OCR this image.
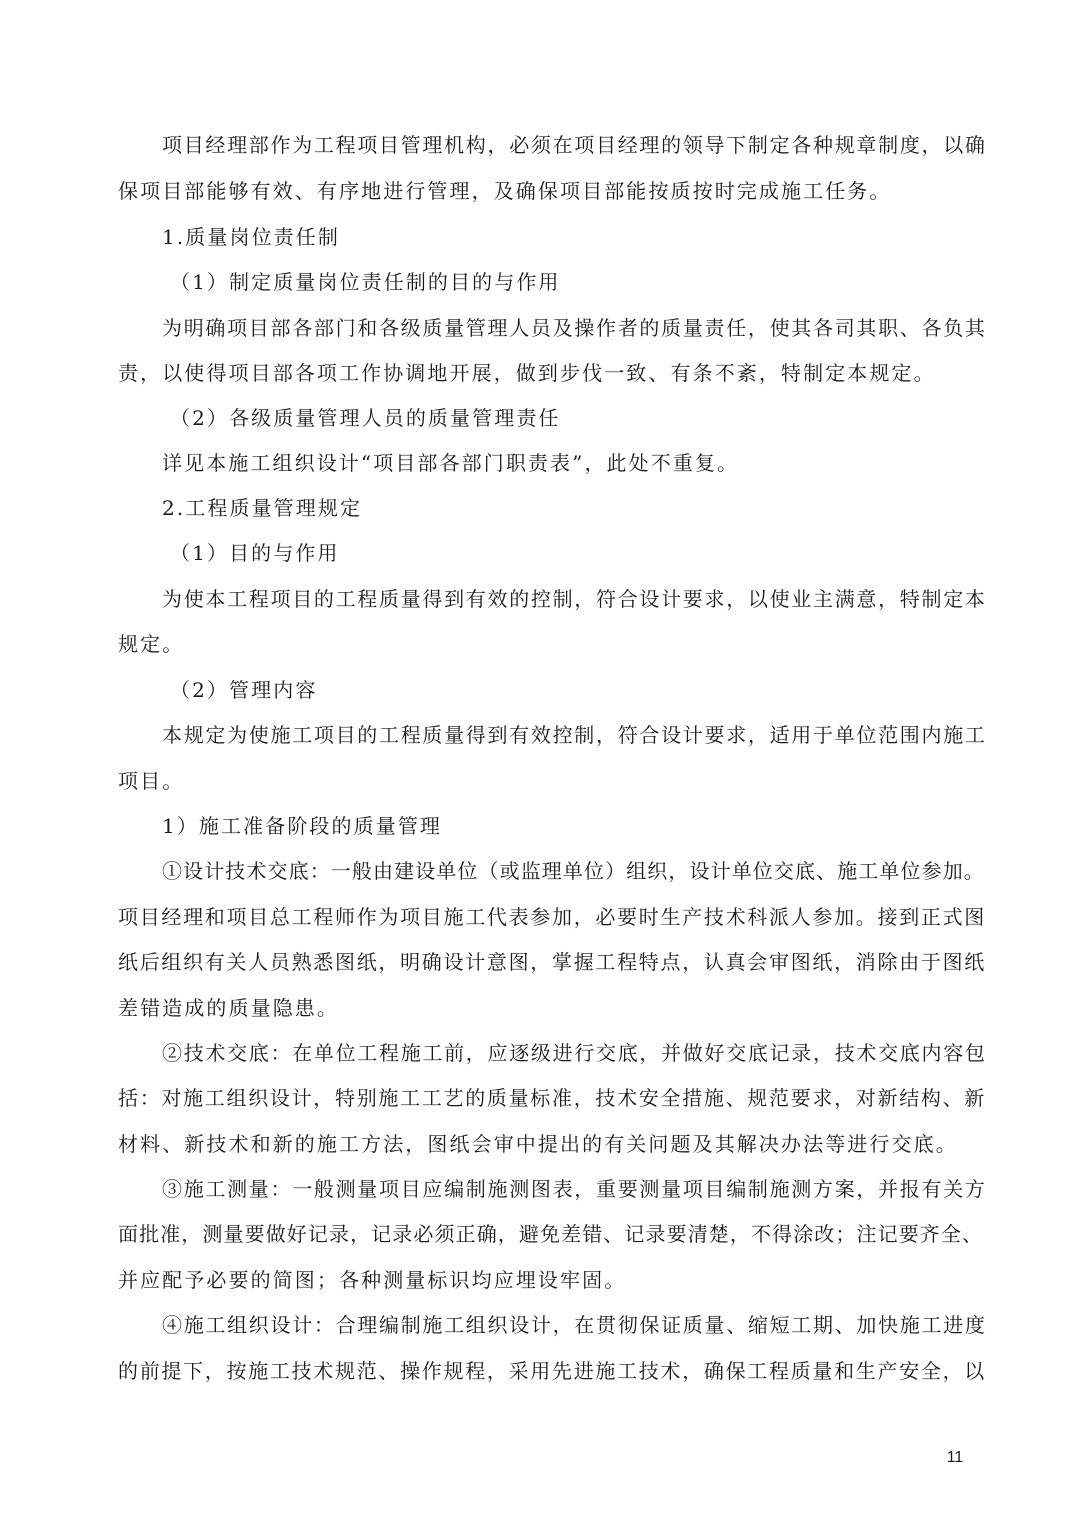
项目经理部作为工程项目管理机构，必须在项目经理的领导下制定各种规章制度，以确
保项目部能够有效、有序地进行管理，及确保项目部能按质按时完成施工任务。
1.质量岗位责任制
（1）制定质量岗位责任制的目的与作用
为明确项目部各部门和各级质量管理人员及操作者的质量责任，使其各司其职、各负其
责，以使得项目部各项工作协调地开展，做到步伐一致、有条不紊，特制定本规定。
（2）各级质量管理人员的质量管理责任
详见本施工组织设计“项目部各部门职责表”，此处不重复。
2.工程质量管理规定
（1）目的与作用
为使本工程项目的工程质量得到有效的控制，符合设计要求，以使业主满意，特制定本
规定。
（2）管理内容
本规定为使施工项目的工程质量得到有效控制，符合设计要求，适用于单位范围内施工
项目。
1）施工准备阶段的质量管理
①设计技术交底：一般由建设单位（或监理单位）组织，设计单位交底、施工单位参加。
项目经理和项目总工程师作为项目施工代表参加，必要时生产技术科派人参加。接到正式图
纸后组织有关人员熟悉图纸，明确设计意图，掌握工程特点，认真会审图纸，消除由于图纸
差错造成的质量隐患。
②技术交底：在单位工程施工前，应逐级进行交底，并做好交底记录，技术交底内容包
括：对施工组织设计，特别施工工艺的质量标准，技术安全措施、规范要求，对新结构、新
材料、新技术和新的施工方法，图纸会审中提出的有关问题及其解决办法等进行交底。
③施工测量：一般测量项目应编制施测图表，重要测量项目编制施测方案，并报有关方
面批准，测量要做好记录，记录必须正确，避免差错、记录要清楚，不得涂改；注记要齐全、
并应配予必要的简图；各种测量标识均应埋设牢固。
④施工组织设计：合理编制施工组织设计，在贯彻保证质量、缩短工期、加快施工进度
的前提下，按施工技术规范、操作规程，采用先进施工技术，确保工程质量和生产安全，以
11
